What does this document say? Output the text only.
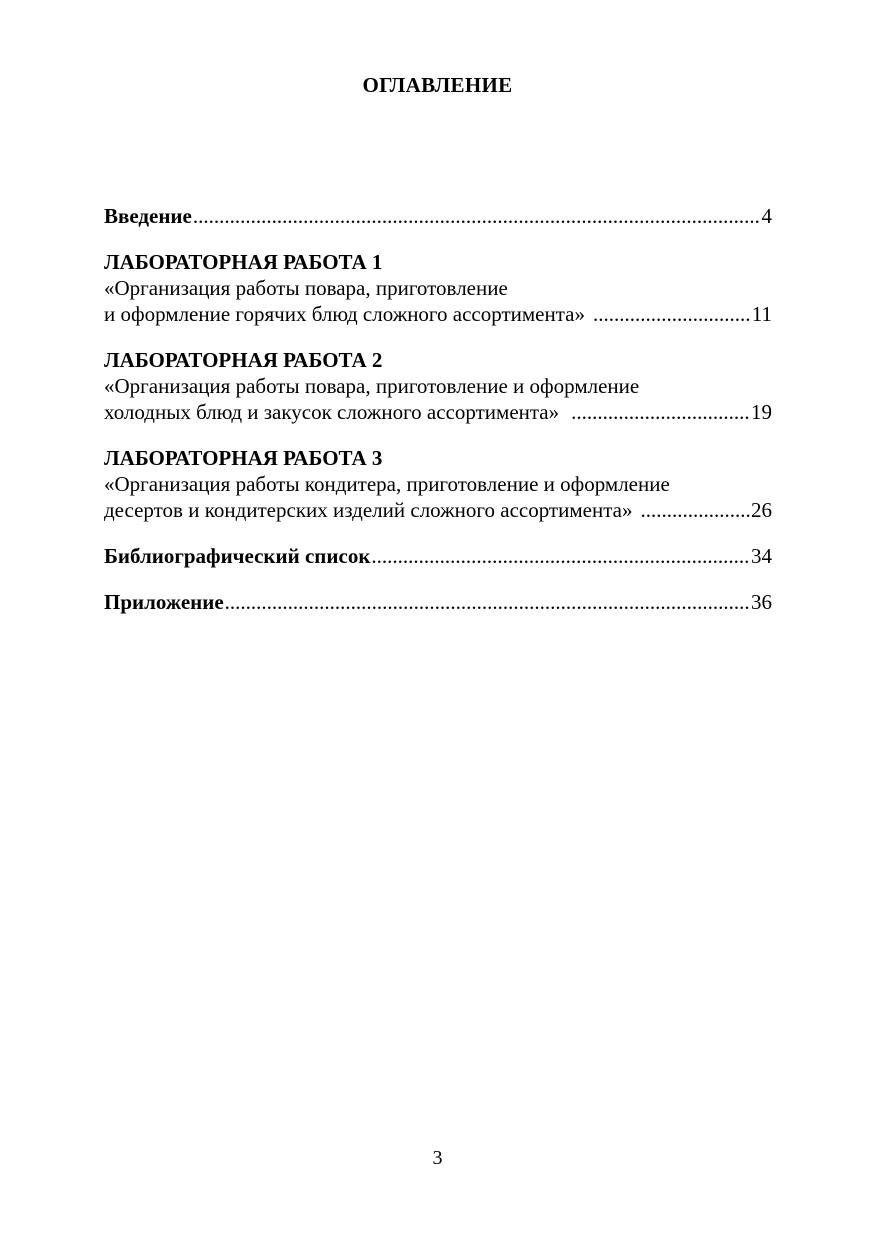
ОГЛАВЛЕНИЕ
Введение .....	4
ЛАБОРАТОРНАЯ РАБОТА 1
«Организация работы повара, приготовление
и оформление горячих блюд сложного ассортимента» .....	11
ЛАБОРАТОРНАЯ РАБОТА 2
«Организация работы повара, приготовление и оформление
холодных блюд и закусок сложного ассортимента» .....	19
ЛАБОРАТОРНАЯ РАБОТА 3
«Организация работы кондитера, приготовление и оформление
десертов и кондитерских изделий сложного ассортимента» .....	26
Библиографический список .....	34
Приложение .....	36
3
